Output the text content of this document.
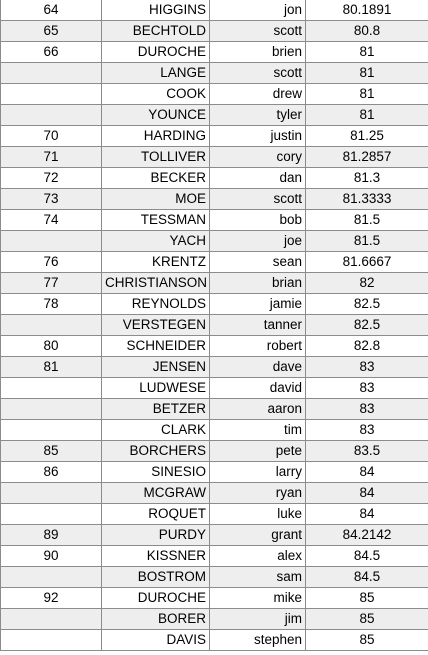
64	HIGGINS	jon	80.1891
65	BECHTOLD	scott	80.8
66	DUROCHE	brien	81
	LANGE	scott	81
	COOK	drew	81
	YOUNCE	tyler	81
70	HARDING	justin	81.25
71	TOLLIVER	cory	81.2857
72	BECKER	dan	81.3
73	MOE	scott	81.3333
74	TESSMAN	bob	81.5
	YACH	joe	81.5
76	KRENTZ	sean	81.6667
77	CHRISTIANSON	brian	82
78	REYNOLDS	jamie	82.5
	VERSTEGEN	tanner	82.5
80	SCHNEIDER	robert	82.8
81	JENSEN	dave	83
	LUDWESE	david	83
	BETZER	aaron	83
	CLARK	tim	83
85	BORCHERS	pete	83.5
86	SINESIO	larry	84
	MCGRAW	ryan	84
	ROQUET	luke	84
89	PURDY	grant	84.2142
90	KISSNER	alex	84.5
	BOSTROM	sam	84.5
92	DUROCHE	mike	85
	BORER	jim	85
	DAVIS	stephen	85
